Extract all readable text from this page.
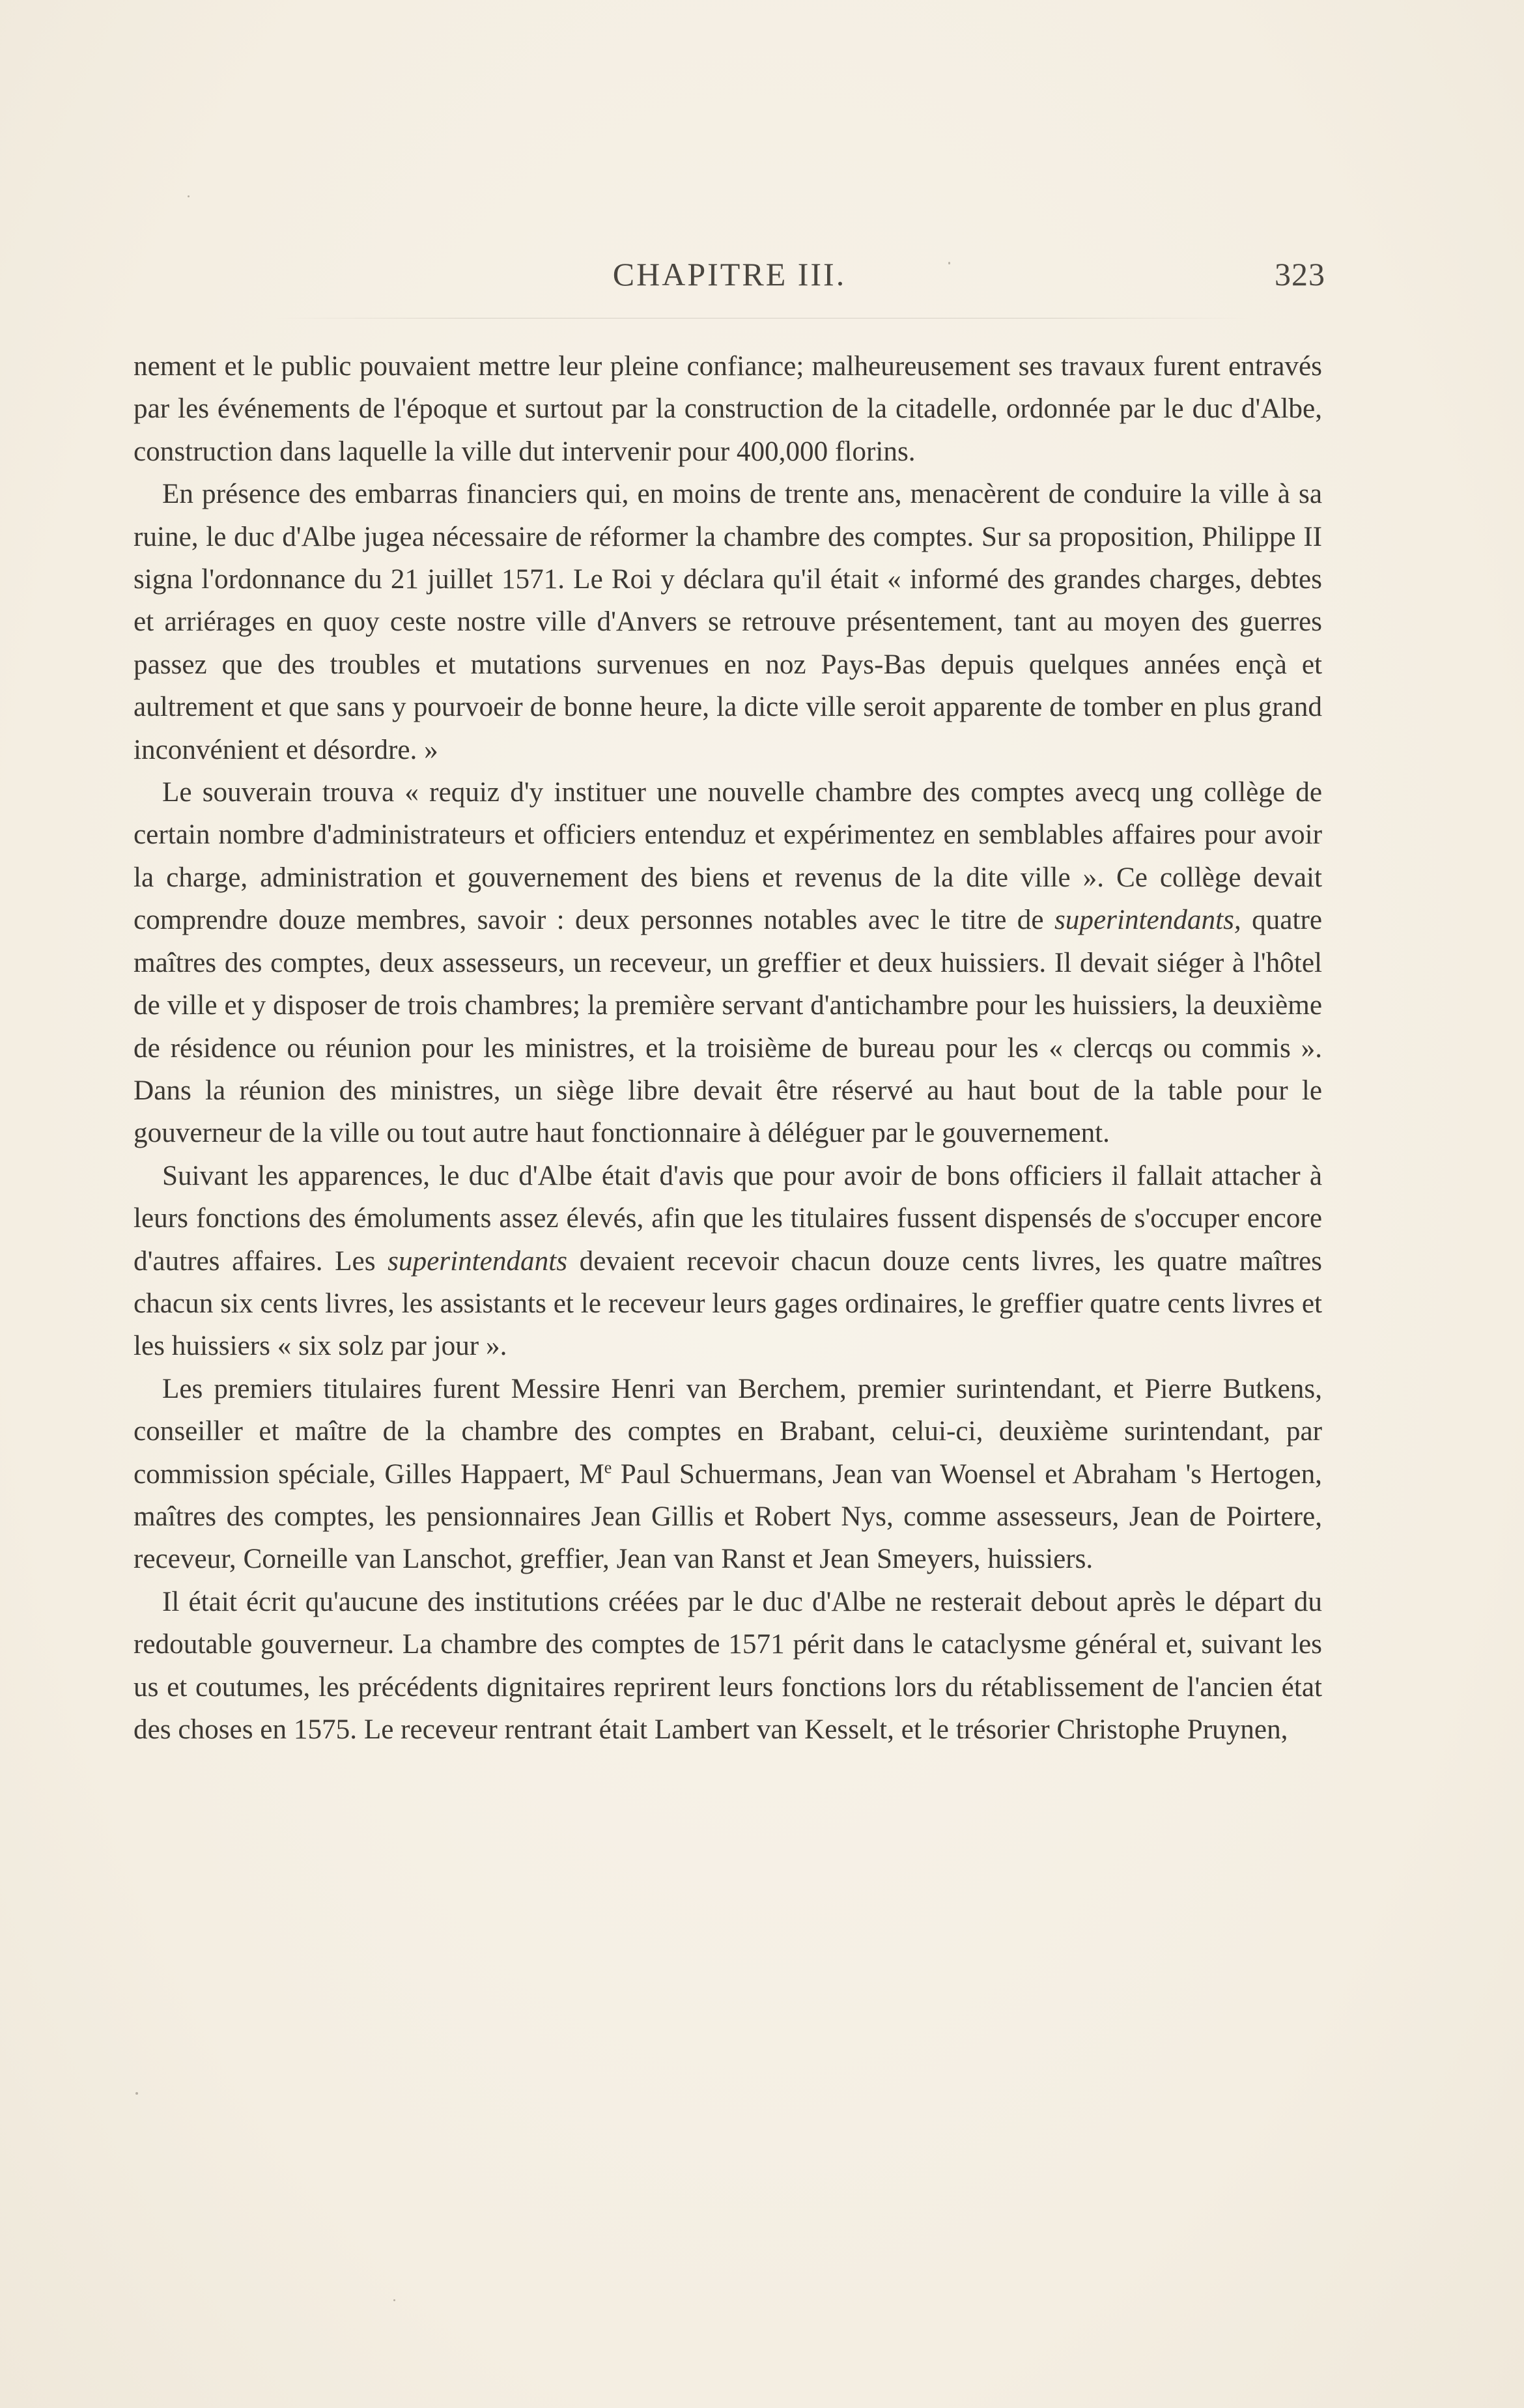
CHAPITRE III.	323

nement et le public pouvaient mettre leur pleine confiance; malheureusement ses travaux furent entravés par les événements de l'époque et surtout par la construction de la citadelle, ordonnée par le duc d'Albe, construction dans laquelle la ville dut intervenir pour 400,000 florins.

En présence des embarras financiers qui, en moins de trente ans, menacèrent de conduire la ville à sa ruine, le duc d'Albe jugea nécessaire de réformer la chambre des comptes. Sur sa proposition, Philippe II signa l'ordonnance du 21 juillet 1571. Le Roi y déclara qu'il était « informé des grandes charges, debtes et arriérages en quoy ceste nostre ville d'Anvers se retrouve présentement, tant au moyen des guerres passez que des troubles et mutations survenues en noz Pays-Bas depuis quelques années ençà et aultrement et que sans y pourvoeir de bonne heure, la dicte ville seroit apparente de tomber en plus grand inconvénient et désordre. »

Le souverain trouva « requiz d'y instituer une nouvelle chambre des comptes avecq ung collège de certain nombre d'administrateurs et officiers entenduz et expérimentez en semblables affaires pour avoir la charge, administration et gouvernement des biens et revenus de la dite ville ». Ce collège devait comprendre douze membres, savoir : deux personnes notables avec le titre de superintendants, quatre maîtres des comptes, deux assesseurs, un receveur, un greffier et deux huissiers. Il devait siéger à l'hôtel de ville et y disposer de trois chambres; la première servant d'antichambre pour les huissiers, la deuxième de résidence ou réunion pour les ministres, et la troisième de bureau pour les « clercqs ou commis ». Dans la réunion des ministres, un siège libre devait être réservé au haut bout de la table pour le gouverneur de la ville ou tout autre haut fonctionnaire à déléguer par le gouvernement.

Suivant les apparences, le duc d'Albe était d'avis que pour avoir de bons officiers il fallait attacher à leurs fonctions des émoluments assez élevés, afin que les titulaires fussent dispensés de s'occuper encore d'autres affaires. Les superintendants devaient recevoir chacun douze cents livres, les quatre maîtres chacun six cents livres, les assistants et le receveur leurs gages ordinaires, le greffier quatre cents livres et les huissiers « six solz par jour ».

Les premiers titulaires furent Messire Henri van Berchem, premier surintendant, et Pierre Butkens, conseiller et maître de la chambre des comptes en Brabant, celui-ci, deuxième surintendant, par commission spéciale, Gilles Happaert, Me Paul Schuermans, Jean van Woensel et Abraham 's Hertogen, maîtres des comptes, les pensionnaires Jean Gillis et Robert Nys, comme assesseurs, Jean de Poirtere, receveur, Corneille van Lanschot, greffier, Jean van Ranst et Jean Smeyers, huissiers.

Il était écrit qu'aucune des institutions créées par le duc d'Albe ne resterait debout après le départ du redoutable gouverneur. La chambre des comptes de 1571 périt dans le cataclysme général et, suivant les us et coutumes, les précédents dignitaires reprirent leurs fonctions lors du rétablissement de l'ancien état des choses en 1575. Le receveur rentrant était Lambert van Kesselt, et le trésorier Christophe Pruynen,
